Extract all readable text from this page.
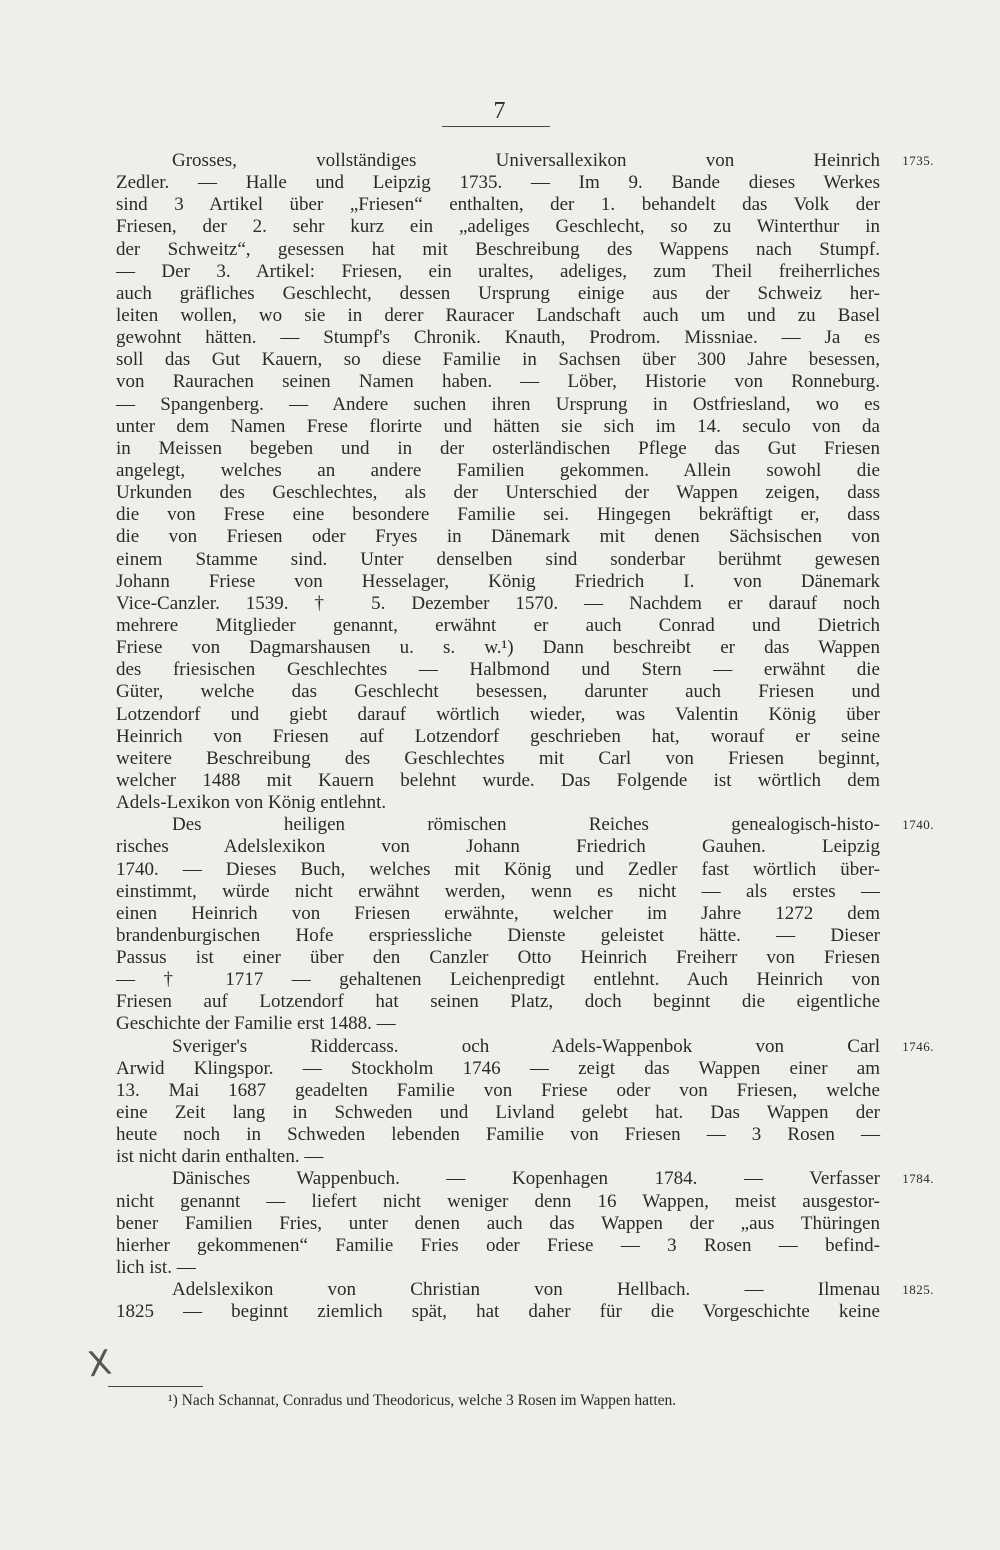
7
Grosses, vollständiges Universallexikon von Heinrich 1735.
Zedler. — Halle und Leipzig 1735. — Im 9. Bande dieses Werkes
sind 3 Artikel über „Friesen“ enthalten, der 1. behandelt das Volk der
Friesen, der 2. sehr kurz ein „adeliges Geschlecht, so zu Winterthur in
der Schweitz“, gesessen hat mit Beschreibung des Wappens nach Stumpf.
— Der 3. Artikel: Friesen, ein uraltes, adeliges, zum Theil freiherrliches
auch gräfliches Geschlecht, dessen Ursprung einige aus der Schweiz her-
leiten wollen, wo sie in derer Rauracer Landschaft auch um und zu Basel
gewohnt hätten. — Stumpf's Chronik. Knauth, Prodrom. Missniae. — Ja es
soll das Gut Kauern, so diese Familie in Sachsen über 300 Jahre besessen,
von Raurachen seinen Namen haben. — Löber, Historie von Ronneburg.
— Spangenberg. — Andere suchen ihren Ursprung in Ostfriesland, wo es
unter dem Namen Frese florirte und hätten sie sich im 14. seculo von da
in Meissen begeben und in der osterländischen Pflege das Gut Friesen
angelegt, welches an andere Familien gekommen. Allein sowohl die
Urkunden des Geschlechtes, als der Unterschied der Wappen zeigen, dass
die von Frese eine besondere Familie sei. Hingegen bekräftigt er, dass
die von Friesen oder Fryes in Dänemark mit denen Sächsischen von
einem Stamme sind. Unter denselben sind sonderbar berühmt gewesen
Johann Friese von Hesselager, König Friedrich I. von Dänemark
Vice-Canzler. 1539. † 5. Dezember 1570. — Nachdem er darauf noch
mehrere Mitglieder genannt, erwähnt er auch Conrad und Dietrich
Friese von Dagmarshausen u. s. w.¹) Dann beschreibt er das Wappen
des friesischen Geschlechtes — Halbmond und Stern — erwähnt die
Güter, welche das Geschlecht besessen, darunter auch Friesen und
Lotzendorf und giebt darauf wörtlich wieder, was Valentin König über
Heinrich von Friesen auf Lotzendorf geschrieben hat, worauf er seine
weitere Beschreibung des Geschlechtes mit Carl von Friesen beginnt,
welcher 1488 mit Kauern belehnt wurde. Das Folgende ist wörtlich dem
Adels-Lexikon von König entlehnt.
Des heiligen römischen Reiches genealogisch-histo- 1740.
risches Adelslexikon von Johann Friedrich Gauhen. Leipzig
1740. — Dieses Buch, welches mit König und Zedler fast wörtlich über-
einstimmt, würde nicht erwähnt werden, wenn es nicht — als erstes —
einen Heinrich von Friesen erwähnte, welcher im Jahre 1272 dem
brandenburgischen Hofe erspriessliche Dienste geleistet hätte. — Dieser
Passus ist einer über den Canzler Otto Heinrich Freiherr von Friesen
— † 1717 — gehaltenen Leichenpredigt entlehnt. Auch Heinrich von
Friesen auf Lotzendorf hat seinen Platz, doch beginnt die eigentliche
Geschichte der Familie erst 1488. —
Sveriger's Riddercass. och Adels-Wappenbok von Carl 1746.
Arwid Klingspor. — Stockholm 1746 — zeigt das Wappen einer am
13. Mai 1687 geadelten Familie von Friese oder von Friesen, welche
eine Zeit lang in Schweden und Livland gelebt hat. Das Wappen der
heute noch in Schweden lebenden Familie von Friesen — 3 Rosen —
ist nicht darin enthalten. —
Dänisches Wappenbuch. — Kopenhagen 1784. — Verfasser 1784.
nicht genannt — liefert nicht weniger denn 16 Wappen, meist ausgestor-
bener Familien Fries, unter denen auch das Wappen der „aus Thüringen
hierher gekommenen“ Familie Fries oder Friese — 3 Rosen — befind-
lich ist. —
Adelslexikon von Christian von Hellbach. — Ilmenau 1825.
1825 — beginnt ziemlich spät, hat daher für die Vorgeschichte keine
X
¹) Nach Schannat, Conradus und Theodoricus, welche 3 Rosen im Wappen hatten.
